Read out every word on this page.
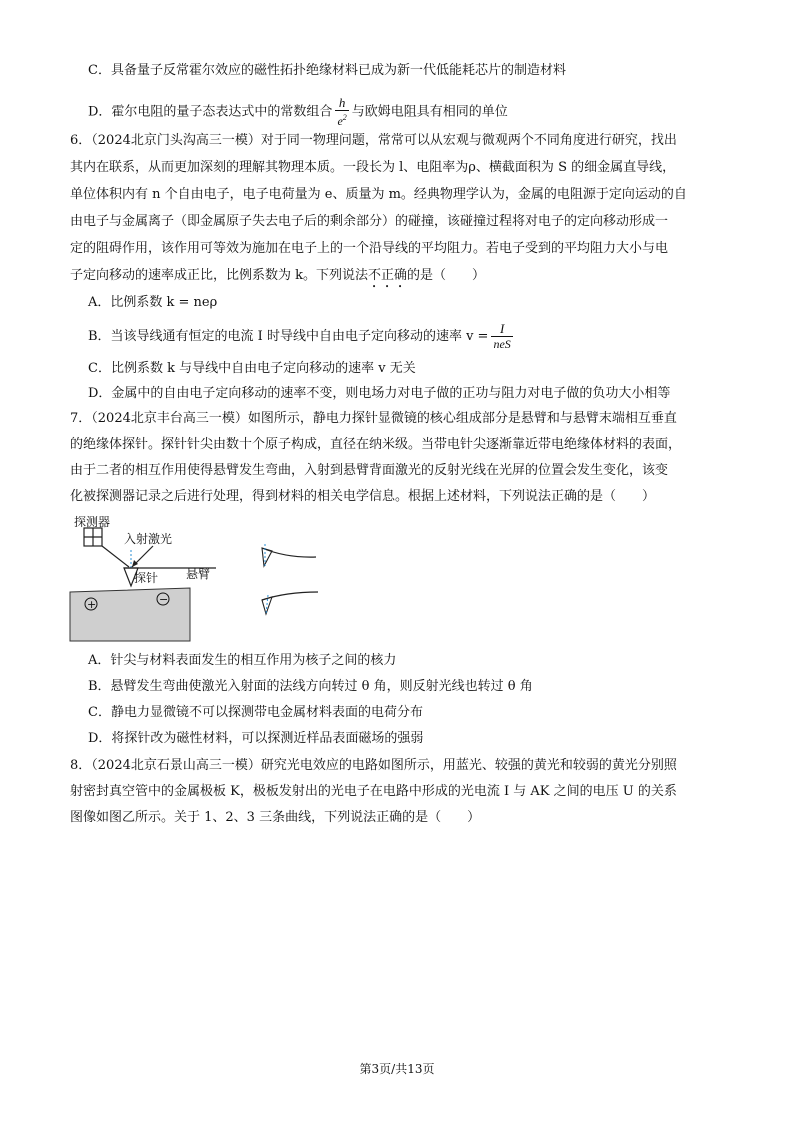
C．具备量子反常霍尔效应的磁性拓扑绝缘材料已成为新一代低能耗芯片的制造材料
D．霍尔电阻的量子态表达式中的常数组合 $\frac{h}{e^2}$ 与欧姆电阻具有相同的单位
6．（2024北京门头沟高三一模）对于同一物理问题，常常可以从宏观与微观两个不同角度进行研究，找出
其内在联系，从而更加深刻的理解其物理本质。一段长为 l、电阻率为ρ、横截面积为 S 的细金属直导线，
单位体积内有 n 个自由电子，电子电荷量为 e、质量为 m。经典物理学认为，金属的电阻源于定向运动的自
由电子与金属离子（即金属原子失去电子后的剩余部分）的碰撞，该碰撞过程将对电子的定向移动形成一
定的阻碍作用，该作用可等效为施加在电子上的一个沿导线的平均阻力。若电子受到的平均阻力大小与电
子定向移动的速率成正比，比例系数为 k。下列说法不正确的是（　　）
A．比例系数 k = neρ
B．当该导线通有恒定的电流 I 时导线中自由电子定向移动的速率 $v = \frac{I}{\text{neS}}$
C．比例系数 k 与导线中自由电子定向移动的速率 v 无关
D．金属中的自由电子定向移动的速率不变，则电场力对电子做的正功与阻力对电子做的负功大小相等
7．（2024北京丰台高三一模）如图所示，静电力探针显微镜的核心组成部分是悬臂和与悬臂末端相互垂直
的绝缘体探针。探针针尖由数十个原子构成，直径在纳米级。当带电针尖逐渐靠近带电绝缘体材料的表面，
由于二者的相互作用使得悬臂发生弯曲，入射到悬臂背面激光的反射光线在光屏的位置会发生变化，该变
化被探测器记录之后进行处理，得到材料的相关电学信息。根据上述材料，下列说法正确的是（　　）
探测器
入射激光
悬臂
探针
+	−
A．针尖与材料表面发生的相互作用为核子之间的核力
B．悬臂发生弯曲使激光入射面的法线方向转过 θ 角，则反射光线也转过 θ 角
C．静电力显微镜不可以探测带电金属材料表面的电荷分布
D．将探针改为磁性材料，可以探测近样品表面磁场的强弱
8．（2024北京石景山高三一模）研究光电效应的电路如图所示，用蓝光、较强的黄光和较弱的黄光分别照
射密封真空管中的金属极板 K，极板发射出的光电子在电路中形成的光电流 I 与 AK 之间的电压 U 的关系
图像如图乙所示。关于 1、2、3 三条曲线，下列说法正确的是（　　）
第3页/共13页
